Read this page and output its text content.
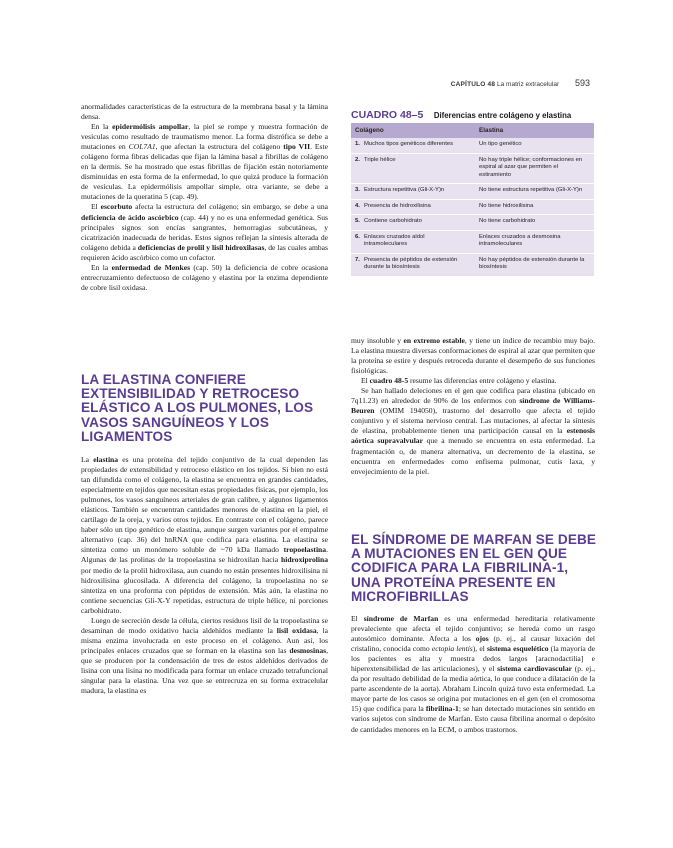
CAPÍTULO 48 La matriz extracelular 593

anormalidades características de la estructura de la membrana basal y la lámina densa.

En la epidermólisis ampollar, la piel se rompe y muestra formación de vesículas como resultado de traumatismo menor. La forma distrófica se debe a mutaciones en COL7A1, que afectan la estructura del colágeno tipo VII. Este colágeno forma fibras delicadas que fijan la lámina basal a fibrillas de colágeno en la dermis. Se ha mostrado que estas fibrillas de fijación están notoriamente disminuidas en esta forma de la enfermedad, lo que quizá produce la formación de vesículas. La epidermólisis ampollar simple, otra variante, se debe a mutaciones de la queratina 5 (cap. 49).

El escorbuto afecta la estructura del colágeno; sin embargo, se debe a una deficiencia de ácido ascórbico (cap. 44) y no es una enfermedad genética. Sus principales signos son encías sangrantes, hemorragias subcutáneas, y cicatrización inadecuada de heridas. Estos signos reflejan la síntesis alterada de colágeno debida a deficiencias de prolil y lisil hidroxilasas, de las cuales ambas requieren ácido ascórbico como un cofactor.

En la enfermedad de Menkes (cap. 50) la deficiencia de cobre ocasiona entrecruzamiento defectuoso de colágeno y elastina por la enzima dependiente de cobre lisil oxidasa.

LA ELASTINA CONFIERE EXTENSIBILIDAD Y RETROCESO ELÁSTICO A LOS PULMONES, LOS VASOS SANGUÍNEOS Y LOS LIGAMENTOS

La elastina es una proteína del tejido conjuntivo de la cual dependen las propiedades de extensibilidad y retroceso elástico en los tejidos. Si bien no está tan difundida como el colágeno, la elastina se encuentra en grandes cantidades, especialmente en tejidos que necesitan estas propiedades físicas, por ejemplo, los pulmones, los vasos sanguíneos arteriales de gran calibre, y algunos ligamentos elásticos. También se encuentran cantidades menores de elastina en la piel, el cartílago de la oreja, y varios otros tejidos. En contraste con el colágeno, parece haber sólo un tipo genético de elastina, aunque surgen variantes por el empalme alternativo (cap. 36) del hnRNA que codifica para elastina. La elastina se sintetiza como un monómero soluble de ~70 kDa llamado tropoelastina. Algunas de las prolinas de la tropoelastina se hidroxilan hacia hidroxiprolina por medio de la prolil hidroxilasa, aun cuando no están presentes hidroxilisina ni hidroxilisina glucosilada. A diferencia del colágeno, la tropoelastina no se sintetiza en una proforma con péptidos de extensión. Más aún, la elastina no contiene secuencias Gli-X-Y repetidas, estructura de triple hélice, ni porciones carbohidrato.

Luego de secreción desde la célula, ciertos residuos lisil de la tropoelastina se desaminan de modo oxidativo hacia aldehídos mediante la lisil oxidasa, la misma enzima involucrada en este proceso en el colágeno. Aun así, los principales enlaces cruzados que se forman en la elastina son las desmosinas, que se producen por la condensación de tres de estos aldehídos derivados de lisina con una lisina no modificada para formar un enlace cruzado tetrafuncional singular para la elastina. Una vez que se entrecruza en su forma extracelular madura, la elastina es

CUADRO 48–5 Diferencias entre colágeno y elastina
Colágeno	Elastina
1. Muchos tipos genéticos diferentes	Un tipo genético
2. Triple hélice	No hay triple hélice; conformaciones en espiral al azar que permiten el estiramiento
3. Estructura repetitiva (Gli-X-Y)n	No tiene estructura repetitiva (Gli-X-Y)n
4. Presencia de hidroxilisina	No tiene hidroxilisina
5. Contiene carbohidrato	No tiene carbohidrato
6. Enlaces cruzados aldol intramoleculares	Enlaces cruzados a desmosina intramoleculares
7. Presencia de péptidos de extensión durante la biosíntesis	No hay péptidos de extensión durante la biosíntesis

muy insoluble y en extremo estable, y tiene un índice de recambio muy bajo. La elastina muestra diversas conformaciones de espiral al azar que permiten que la proteína se estire y después retroceda durante el desempeño de sus funciones fisiológicas.

El cuadro 48-5 resume las diferencias entre colágeno y elastina.

Se han hallado deleciones en el gen que codifica para elastina (ubicado en 7q11.23) en alrededor de 90% de los enfermos con síndrome de Williams-Beuren (OMIM 194050), trastorno del desarrollo que afecta el tejido conjuntivo y el sistema nervioso central. Las mutaciones, al afectar la síntesis de elastina, probablemente tienen una participación causal en la estenosis aórtica supravalvular que a menudo se encuentra en esta enfermedad. La fragmentación o, de manera alternativa, un decremento de la elastina, se encuentra en enfermedades como enfisema pulmonar, cutis laxa, y envejecimiento de la piel.

EL SÍNDROME DE MARFAN SE DEBE A MUTACIONES EN EL GEN QUE CODIFICA PARA LA FIBRILINA-1, UNA PROTEÍNA PRESENTE EN MICROFIBRILLAS

El síndrome de Marfan es una enfermedad hereditaria relativamente prevaleciente que afecta el tejido conjuntivo; se hereda como un rasgo autosómico dominante. Afecta a los ojos (p. ej., al causar luxación del cristalino, conocida como ectopia lentis), el sistema esquelético (la mayoría de los pacientes es alta y muestra dedos largos [aracnodactilia] e hiperextensibilidad de las articulaciones), y el sistema cardiovascular (p. ej., da por resultado debilidad de la media aórtica, lo que conduce a dilatación de la parte ascendente de la aorta). Abraham Lincoln quizá tuvo esta enfermedad. La mayor parte de los casos se origina por mutaciones en el gen (en el cromosoma 15) que codifica para la fibrilina-1; se han detectado mutaciones sin sentido en varios sujetos con síndrome de Marfan. Esto causa fibrilina anormal o depósito de cantidades menores en la ECM, o ambos trastornos.
